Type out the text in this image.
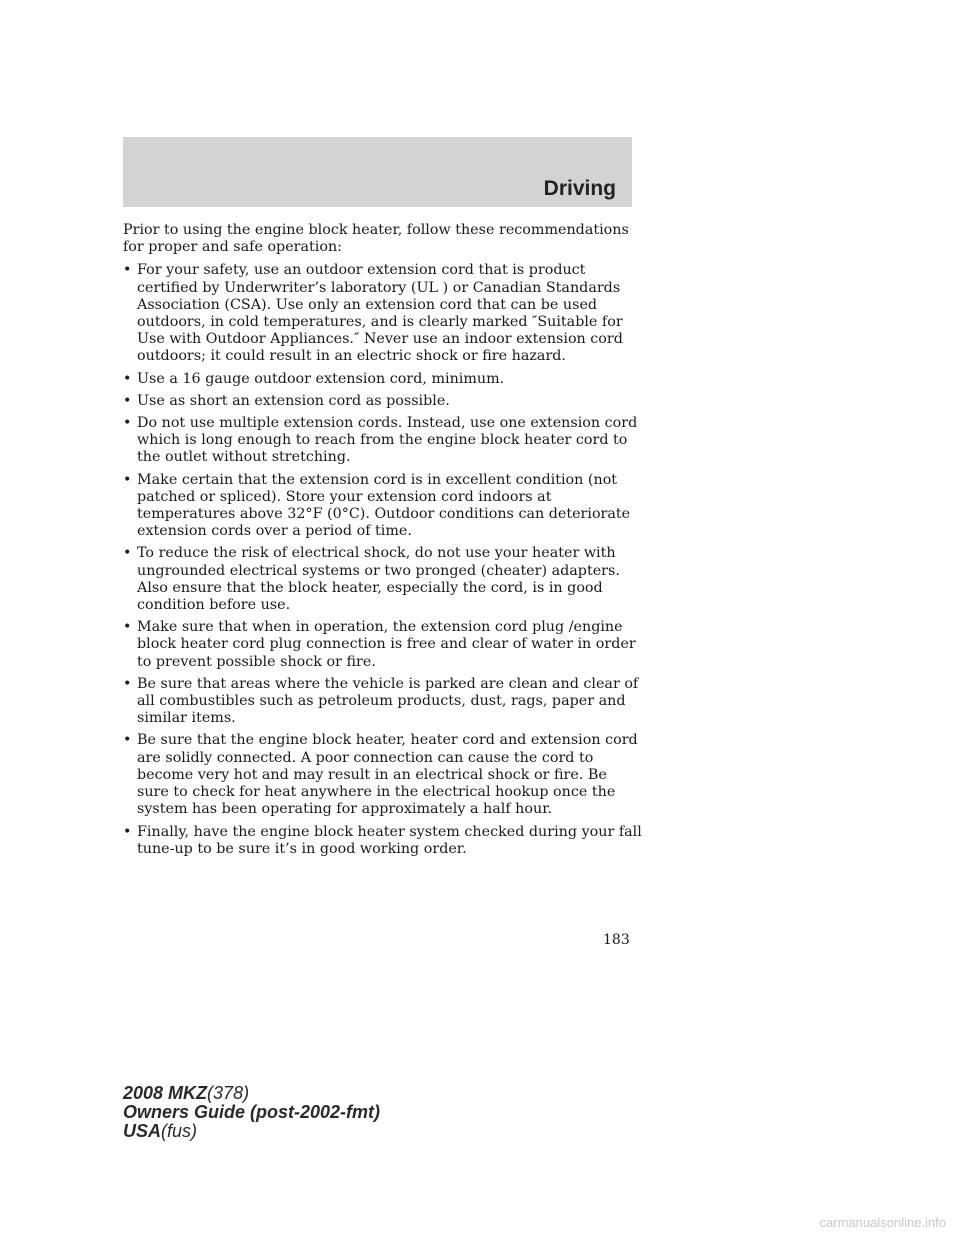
Driving

Prior to using the engine block heater, follow these recommendations for proper and safe operation:

• For your safety, use an outdoor extension cord that is product certified by Underwriter’s laboratory (UL ) or Canadian Standards Association (CSA). Use only an extension cord that can be used outdoors, in cold temperatures, and is clearly marked ″Suitable for Use with Outdoor Appliances.″ Never use an indoor extension cord outdoors; it could result in an electric shock or fire hazard.
• Use a 16 gauge outdoor extension cord, minimum.
• Use as short an extension cord as possible.
• Do not use multiple extension cords. Instead, use one extension cord which is long enough to reach from the engine block heater cord to the outlet without stretching.
• Make certain that the extension cord is in excellent condition (not patched or spliced). Store your extension cord indoors at temperatures above 32°F (0°C). Outdoor conditions can deteriorate extension cords over a period of time.
• To reduce the risk of electrical shock, do not use your heater with ungrounded electrical systems or two pronged (cheater) adapters. Also ensure that the block heater, especially the cord, is in good condition before use.
• Make sure that when in operation, the extension cord plug /engine block heater cord plug connection is free and clear of water in order to prevent possible shock or fire.
• Be sure that areas where the vehicle is parked are clean and clear of all combustibles such as petroleum products, dust, rags, paper and similar items.
• Be sure that the engine block heater, heater cord and extension cord are solidly connected. A poor connection can cause the cord to become very hot and may result in an electrical shock or fire. Be sure to check for heat anywhere in the electrical hookup once the system has been operating for approximately a half hour.
• Finally, have the engine block heater system checked during your fall tune-up to be sure it’s in good working order.
183
2008 MKZ(378)
Owners Guide (post-2002-fmt)
USA(fus)
carmanualsonline.info
